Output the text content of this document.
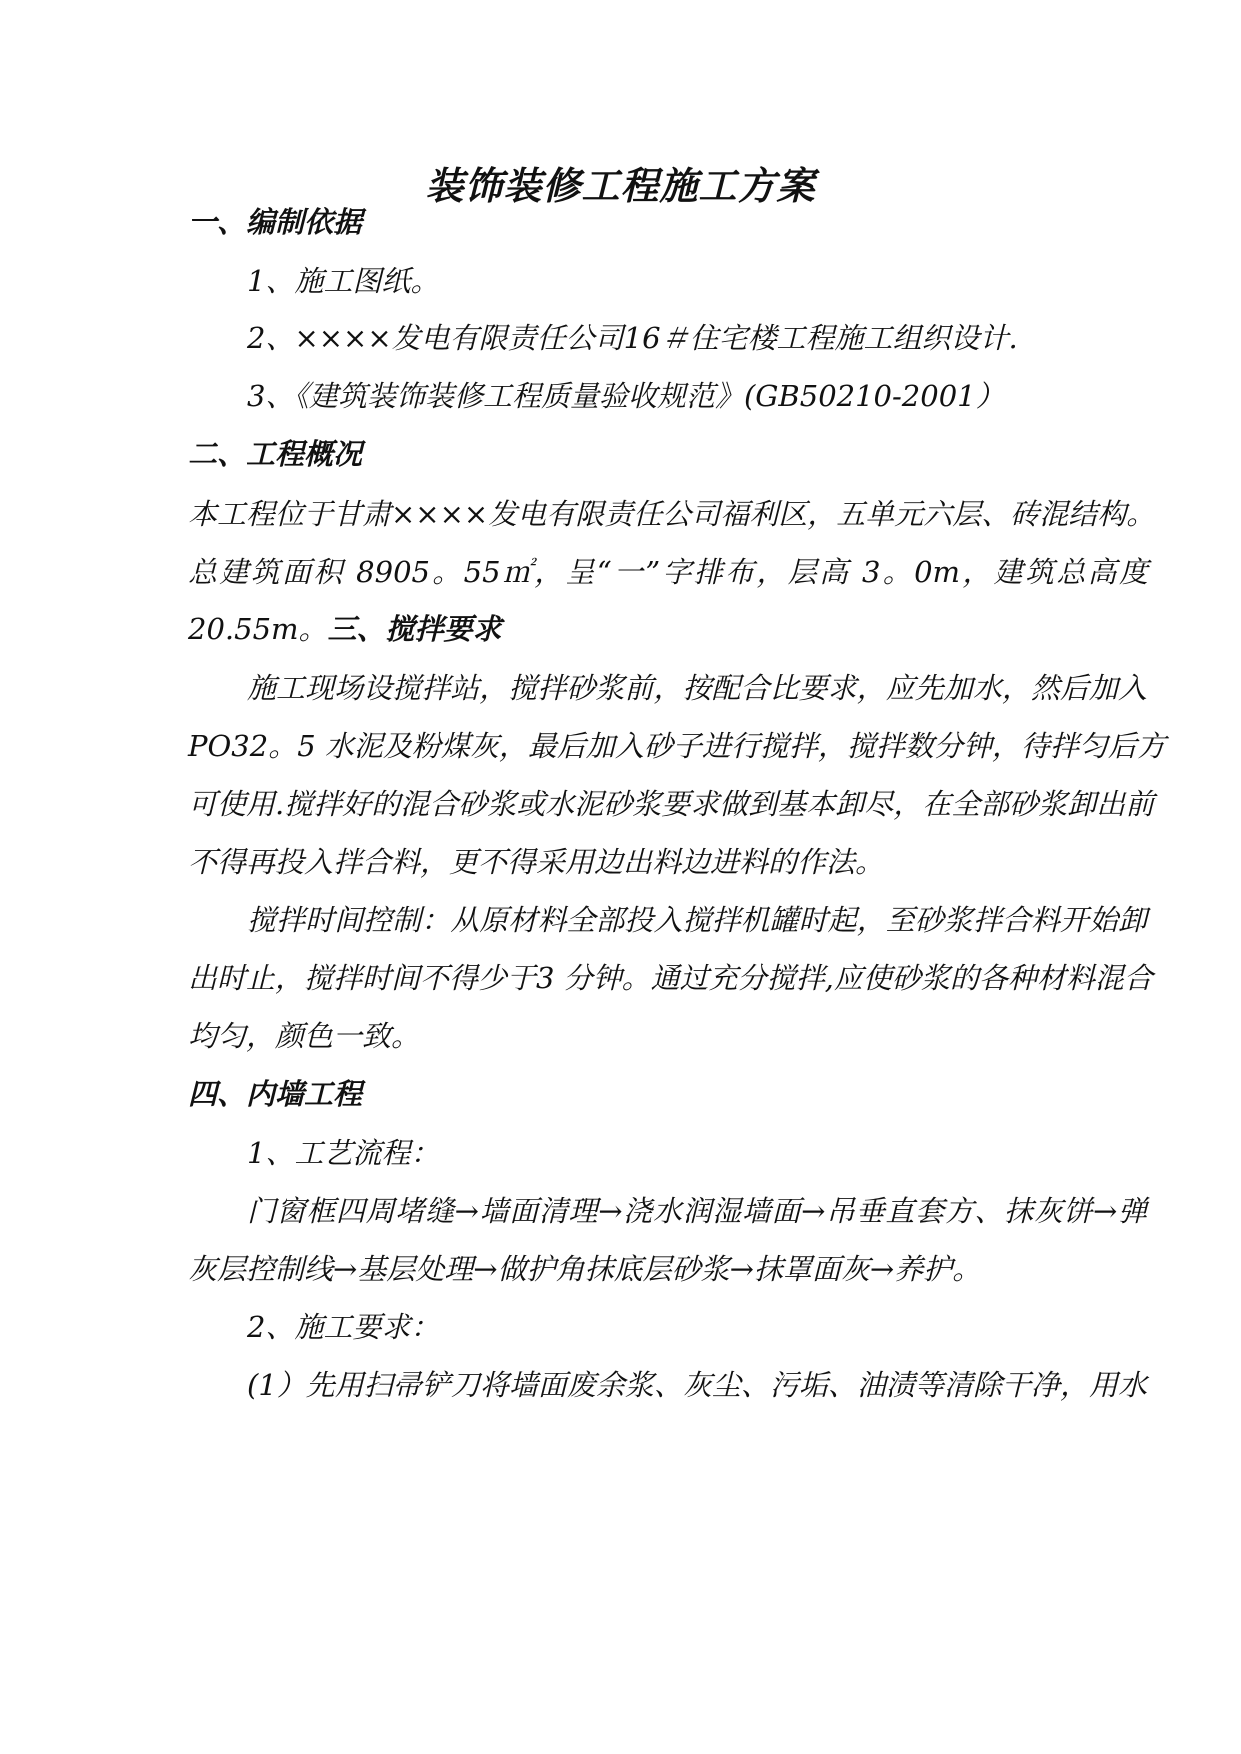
装饰装修工程施工方案
一、编制依据
1、施工图纸。
2、××××发电有限责任公司16＃住宅楼工程施工组织设计.
3、《建筑装饰装修工程质量验收规范》(GB50210-2001）
二、工程概况
本工程位于甘肃××××发电有限责任公司福利区，五单元六层、砖混结构。
总建筑面积 8905。55㎡，呈“一”字排布，层高 3。0m，建筑总高度
20.55m。三、搅拌要求
施工现场设搅拌站，搅拌砂浆前，按配合比要求，应先加水，然后加入
PO32。5 水泥及粉煤灰，最后加入砂子进行搅拌，搅拌数分钟，待拌匀后方
可使用.搅拌好的混合砂浆或水泥砂浆要求做到基本卸尽，在全部砂浆卸出前
不得再投入拌合料，更不得采用边出料边进料的作法。
搅拌时间控制：从原材料全部投入搅拌机罐时起，至砂浆拌合料开始卸
出时止，搅拌时间不得少于3 分钟。通过充分搅拌,应使砂浆的各种材料混合
均匀，颜色一致。
四、内墙工程
1、工艺流程：
门窗框四周堵缝→墙面清理→浇水润湿墙面→吊垂直套方、抹灰饼→弹
灰层控制线→基层处理→做护角抹底层砂浆→抹罩面灰→养护。
2、施工要求：
(1）先用扫帚铲刀将墙面废余浆、灰尘、污垢、油渍等清除干净，用水
